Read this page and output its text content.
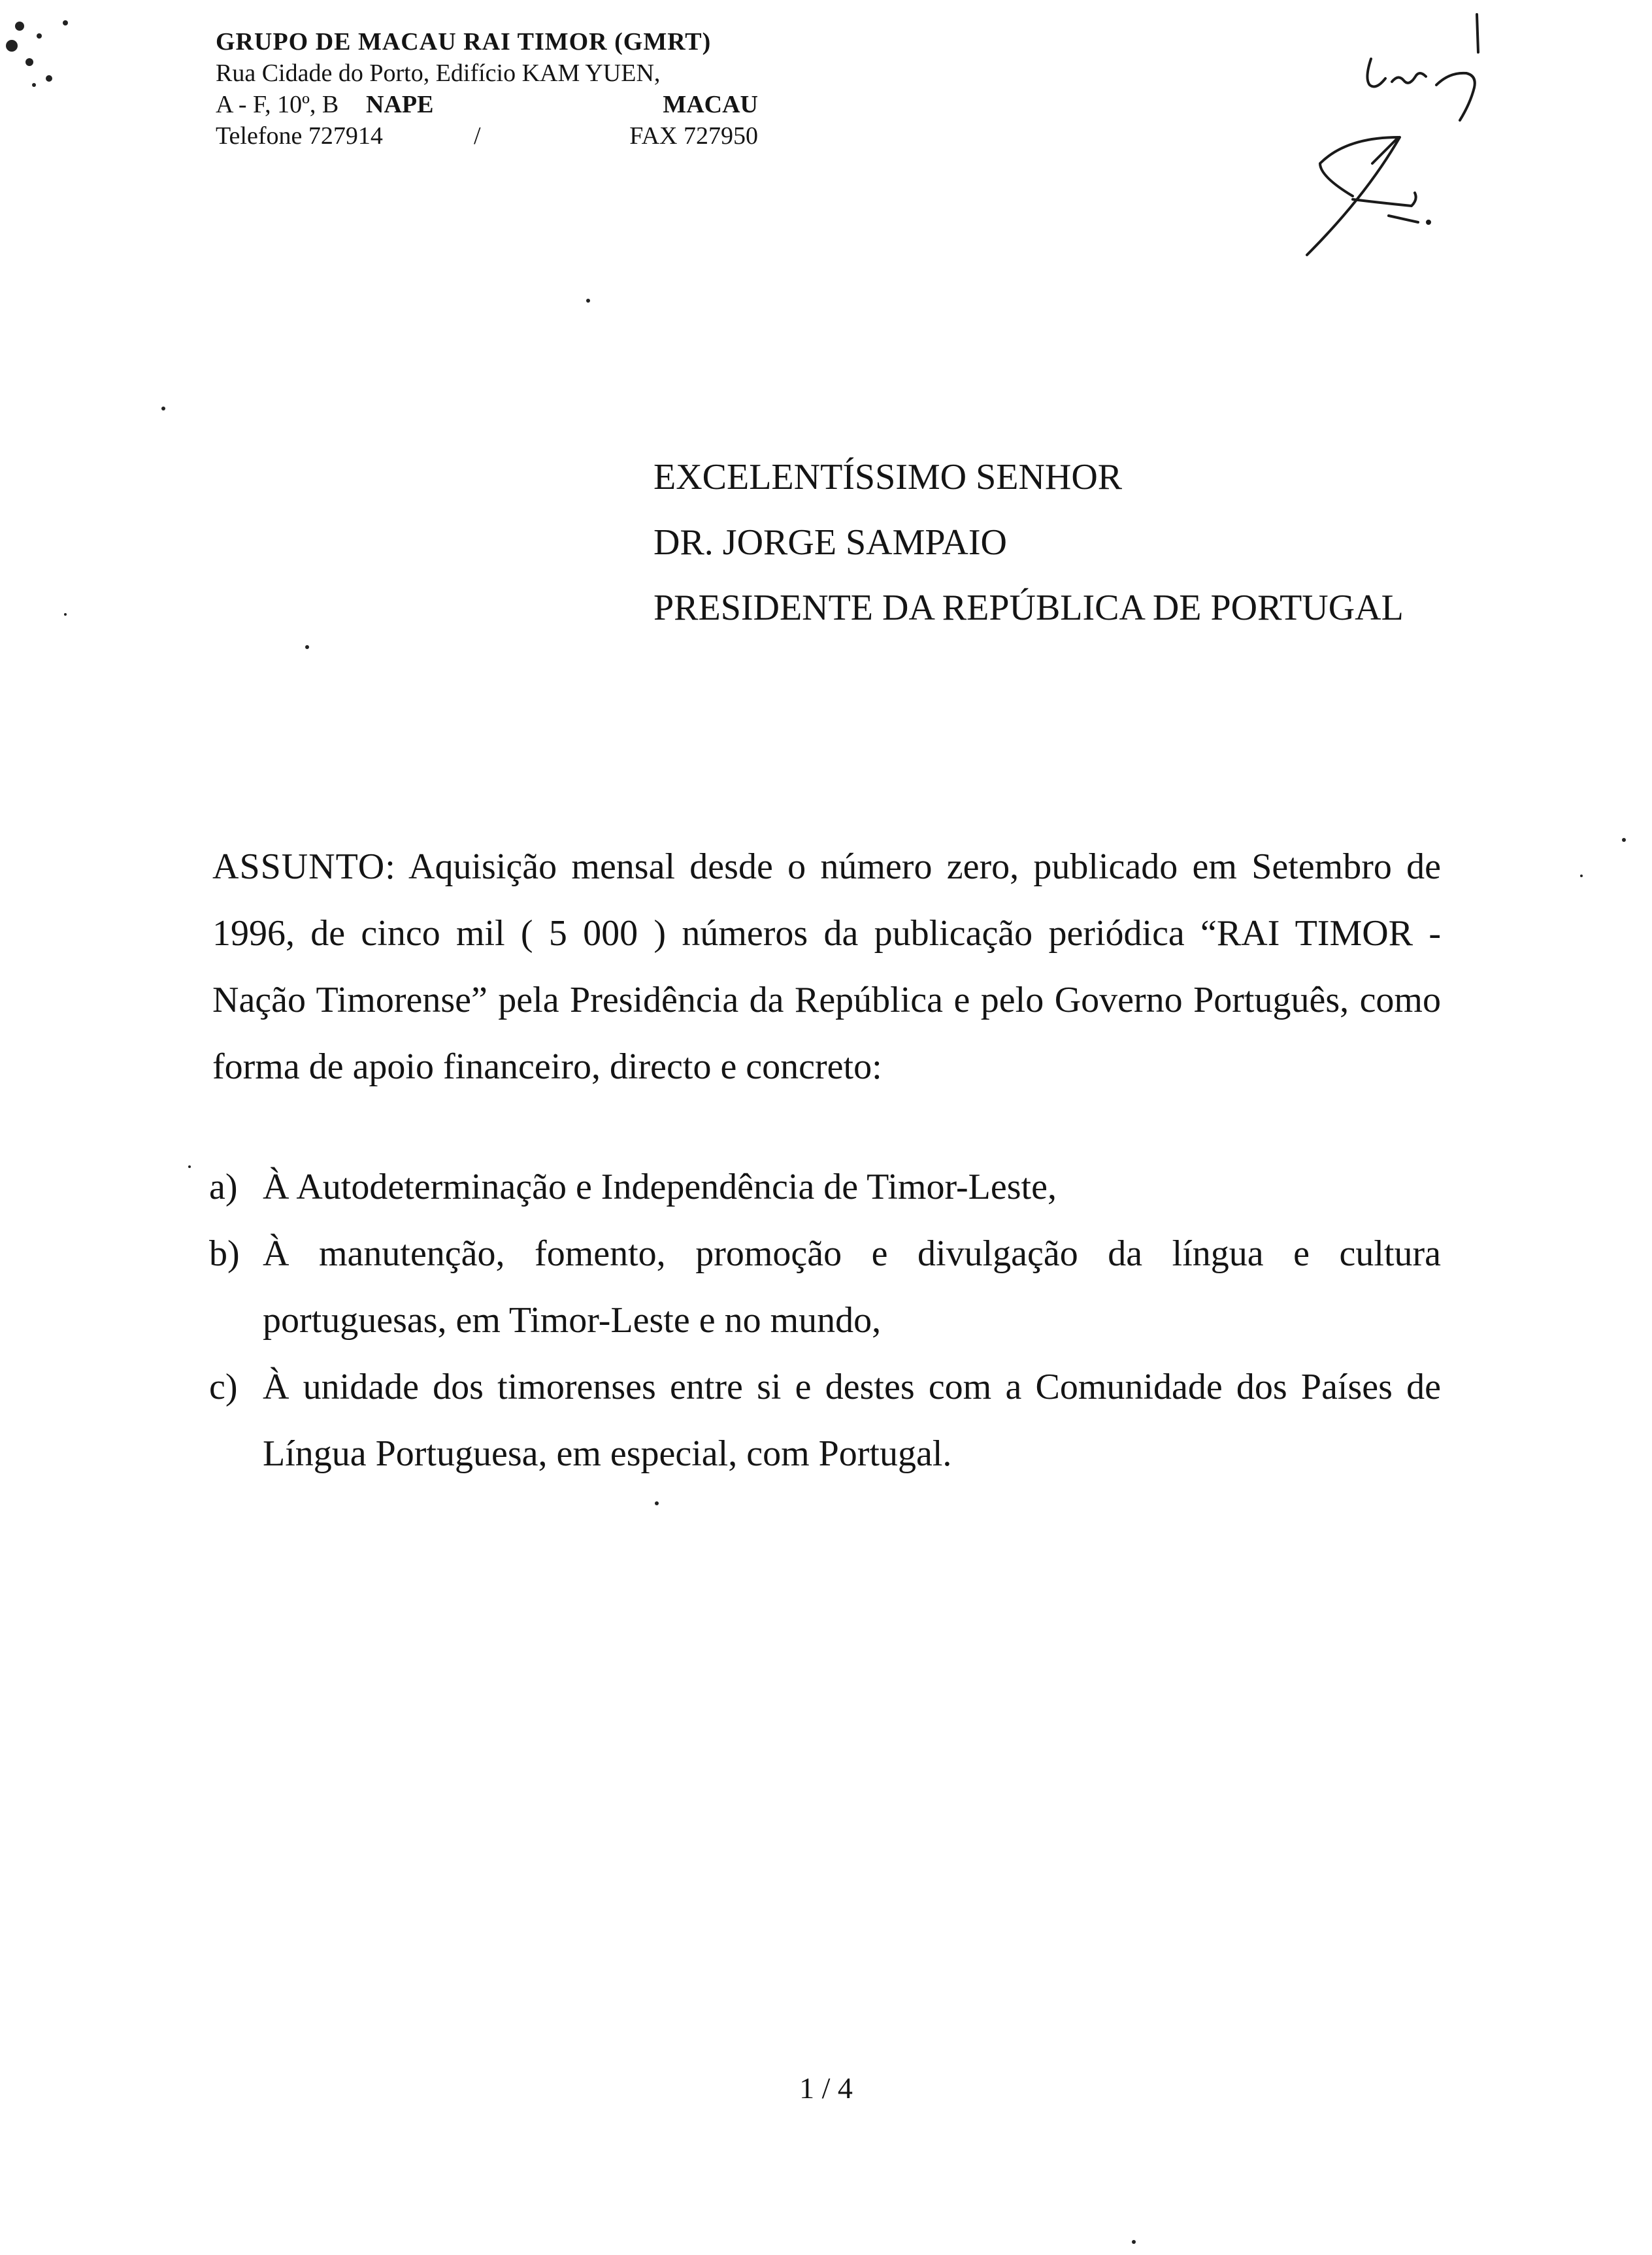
GRUPO DE MACAU RAI TIMOR (GMRT)
Rua Cidade do Porto, Edifício KAM YUEN,
A - F, 10º, B	NAPE	MACAU
Telefone 727914	/	FAX 727950
EXCELENTÍSSIMO SENHOR
DR. JORGE SAMPAIO
PRESIDENTE DA REPÚBLICA DE PORTUGAL
ASSUNTO: Aquisição mensal desde o número zero, publicado em Setembro de 1996, de cinco mil ( 5 000 ) números da publicação periódica “RAI TIMOR - Nação Timorense” pela Presidência da República e pelo Governo Português, como forma de apoio financeiro, directo e concreto:
a) À Autodeterminação e Independência de Timor-Leste,
b) À manutenção, fomento, promoção e divulgação da língua e cultura portuguesas, em Timor-Leste e no mundo,
c) À unidade dos timorenses entre si e destes com a Comunidade dos Países de Língua Portuguesa, em especial, com Portugal.
1 / 4
